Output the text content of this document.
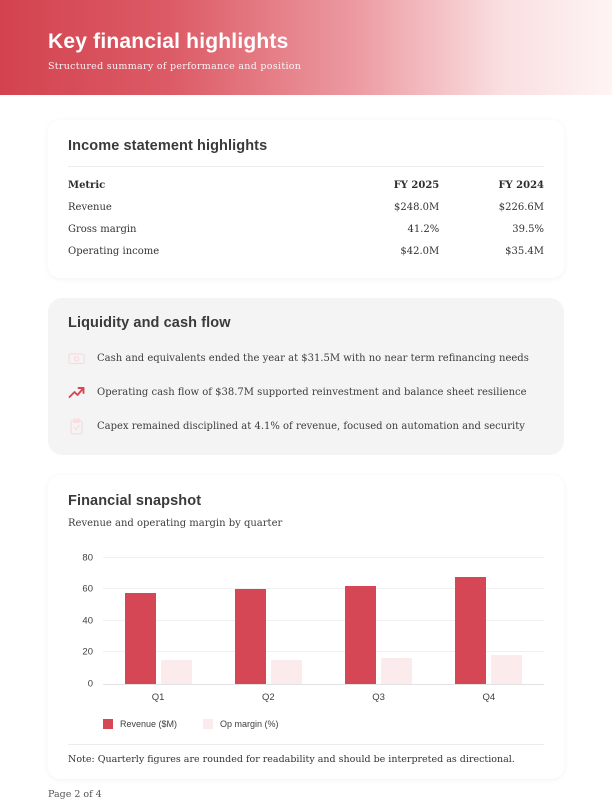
Key financial highlights
Structured summary of performance and position
Income statement highlights
Metric	FY 2025	FY 2024
Revenue	$248.0M	$226.6M
Gross margin	41.2%	39.5%
Operating income	$42.0M	$35.4M
Liquidity and cash flow
Cash and equivalents ended the year at $31.5M with no near term refinancing needs
Operating cash flow of $38.7M supported reinvestment and balance sheet resilience
Capex remained disciplined at 4.1% of revenue, focused on automation and security
Financial snapshot
Revenue and operating margin by quarter
0
20
40
60
80
Q1	Q2	Q3	Q4
Revenue ($M)	Op margin (%)
Note: Quarterly figures are rounded for readability and should be interpreted as directional.
Page 2 of 4
